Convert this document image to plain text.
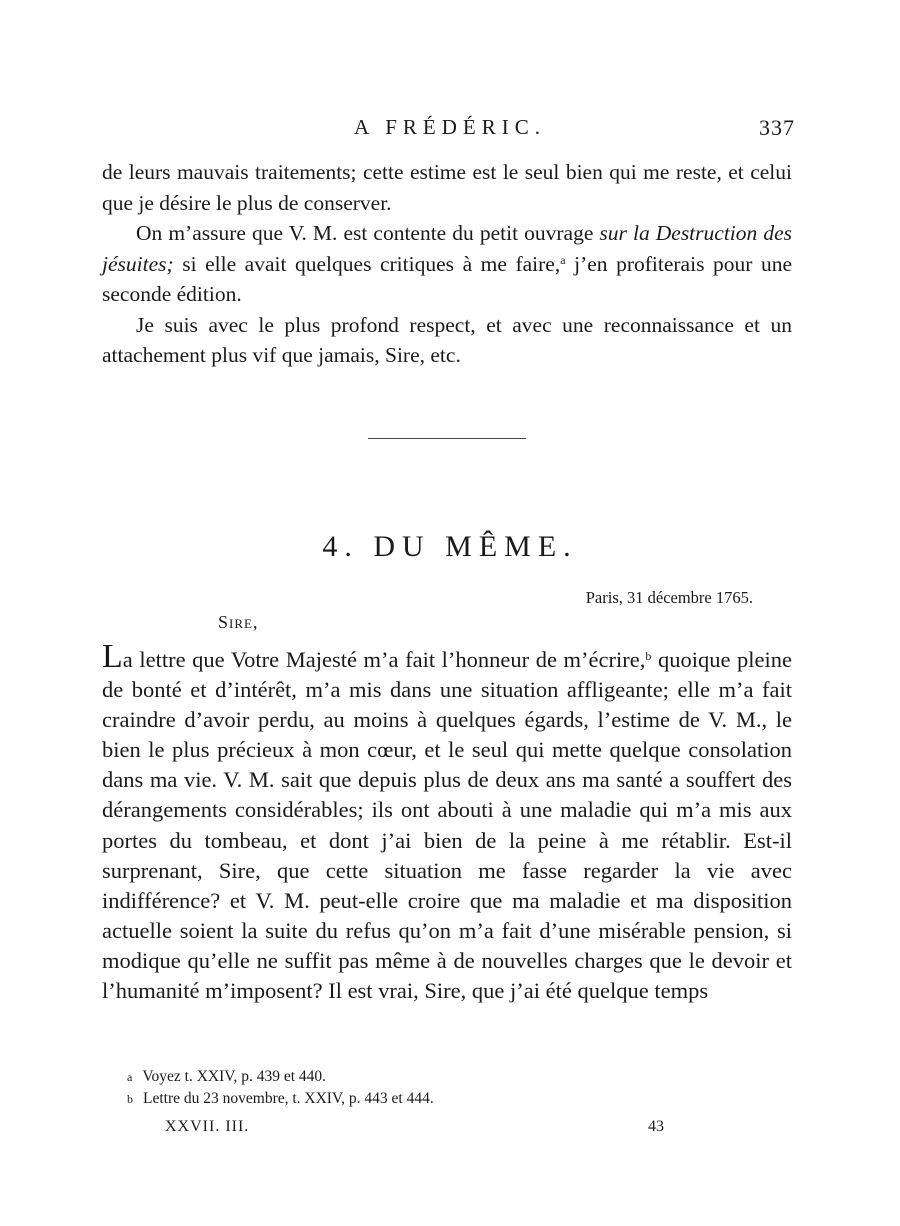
A FRÉDÉRIC.	337

de leurs mauvais traitements; cette estime est le seul bien qui me reste, et celui que je désire le plus de conserver.

On m’assure que V. M. est contente du petit ouvrage sur la Destruction des jésuites; si elle avait quelques critiques à me faire,$^a$ j’en profiterais pour une seconde édition.

Je suis avec le plus profond respect, et avec une reconnaissance et un attachement plus vif que jamais, Sire, etc.

4. DU MÊME.
Paris, 31 décembre 1765.
Sire,

La lettre que Votre Majesté m’a fait l’honneur de m’écrire,$^b$ quoique pleine de bonté et d’intérêt, m’a mis dans une situation affligeante; elle m’a fait craindre d’avoir perdu, au moins à quelques égards, l’estime de V. M., le bien le plus précieux à mon cœur, et le seul qui mette quelque consolation dans ma vie. V. M. sait que depuis plus de deux ans ma santé a souffert des dérangements considérables; ils ont abouti à une maladie qui m’a mis aux portes du tombeau, et dont j’ai bien de la peine à me rétablir. Est-il surprenant, Sire, que cette situation me fasse regarder la vie avec indifférence? et V. M. peut-elle croire que ma maladie et ma disposition actuelle soient la suite du refus qu’on m’a fait d’une misérable pension, si modique qu’elle ne suffit pas même à de nouvelles charges que le devoir et l’humanité m’imposent? Il est vrai, Sire, que j’ai été quelque temps

a Voyez t. XXIV, p. 439 et 440.
b Lettre du 23 novembre, t. XXIV, p. 443 et 444.
XXVII. III.	43
